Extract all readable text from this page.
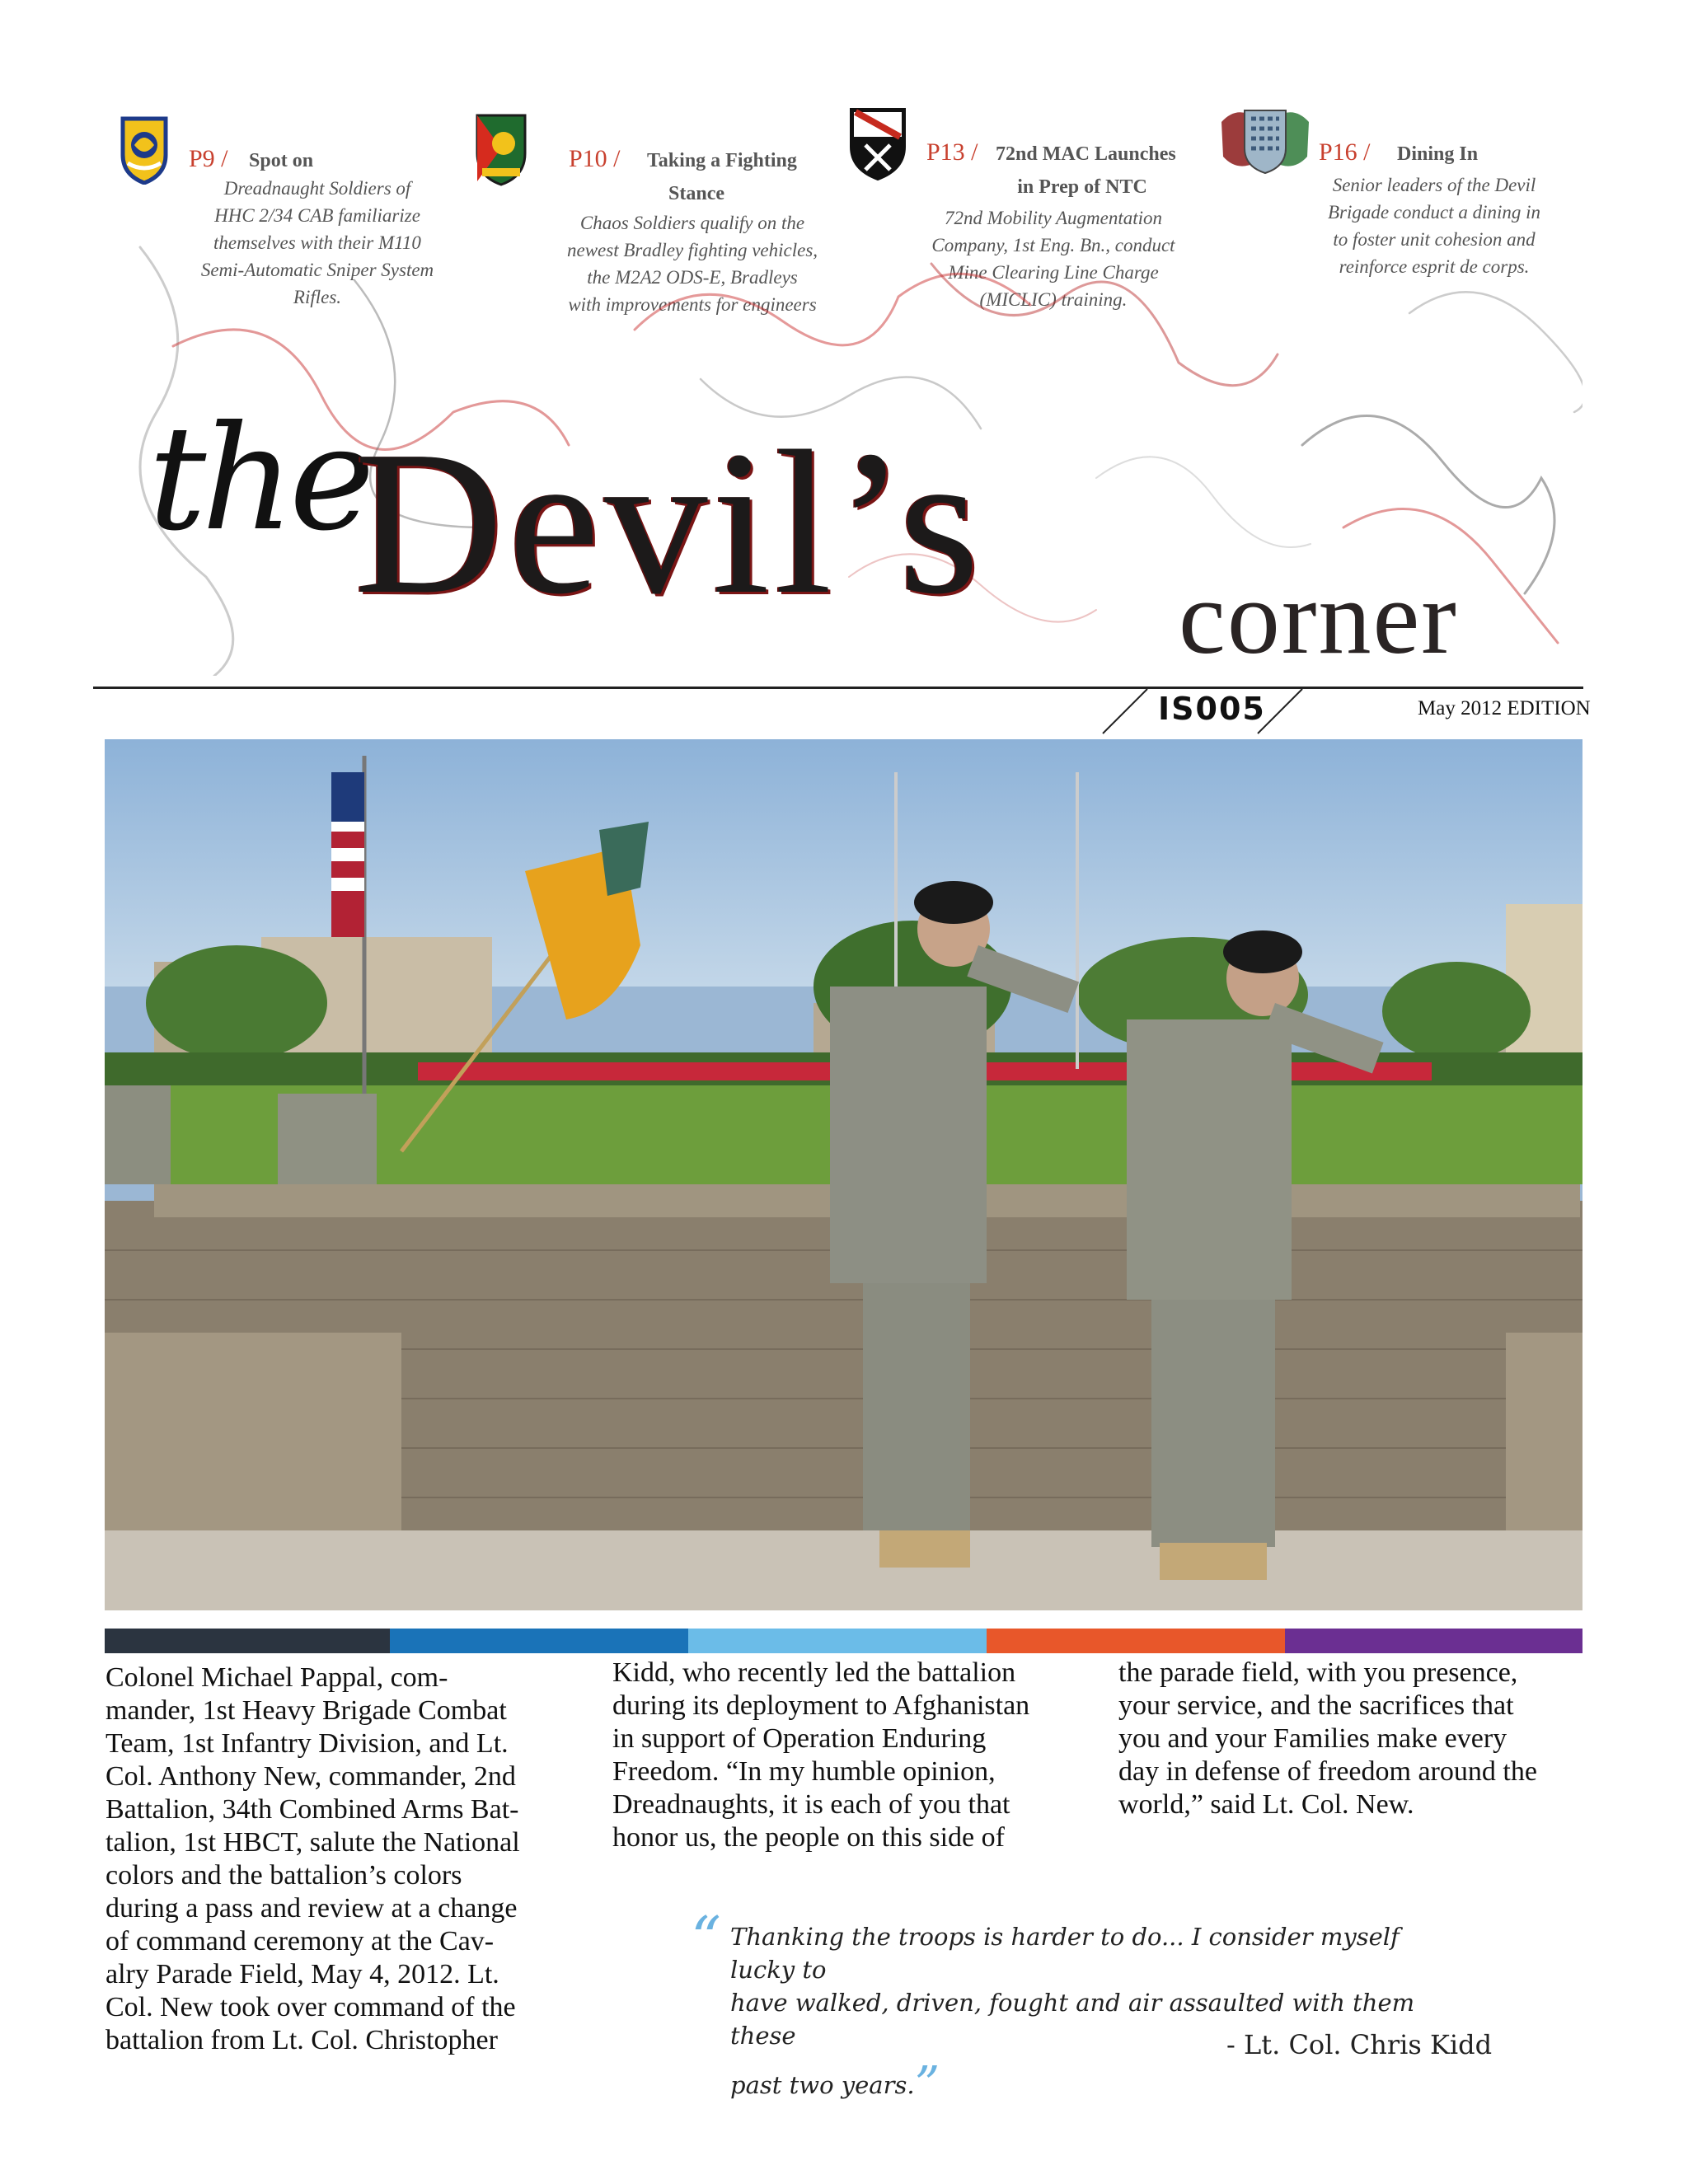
P9 / Spot on
Dreadnaught Soldiers of
HHC 2/34 CAB familiarize
themselves with their M110
Semi-Automatic Sniper System
Rifles.
P10 / Taking a Fighting
Stance
Chaos Soldiers qualify on the
newest Bradley fighting vehicles,
the M2A2 ODS-E, Bradleys
with improvements for engineers
P13 / 72nd MAC Launches
in Prep of NTC
72nd Mobility Augmentation
Company, 1st Eng. Bn., conduct
Mine Clearing Line Charge
(MICLIC) training.
P16 / Dining In
Senior leaders of the Devil
Brigade conduct a dining in
to foster unit cohesion and
reinforce esprit de corps.
the
Devil’s corner
IS005	May 2012 EDITION
Colonel Michael Pappal, com-
mander, 1st Heavy Brigade Combat
Team, 1st Infantry Division, and Lt.
Col. Anthony New, commander, 2nd
Battalion, 34th Combined Arms Bat-
talion, 1st HBCT, salute the National
colors and the battalion’s colors
during a pass and review at a change
of command ceremony at the Cav-
alry Parade Field, May 4, 2012. Lt.
Col. New took over command of the
battalion from Lt. Col. Christopher
Kidd, who recently led the battalion
during its deployment to Afghanistan
in support of Operation Enduring
Freedom. “In my humble opinion,
Dreadnaughts, it is each of you that
honor us, the people on this side of
the parade field, with you presence,
your service, and the sacrifices that
you and your Families make every
day in defense of freedom around the
world,” said Lt. Col. New.
“ Thanking the troops is harder to do... I consider myself lucky to
have walked, driven, fought and air assaulted with them these
past two years.”
- Lt. Col. Chris Kidd
